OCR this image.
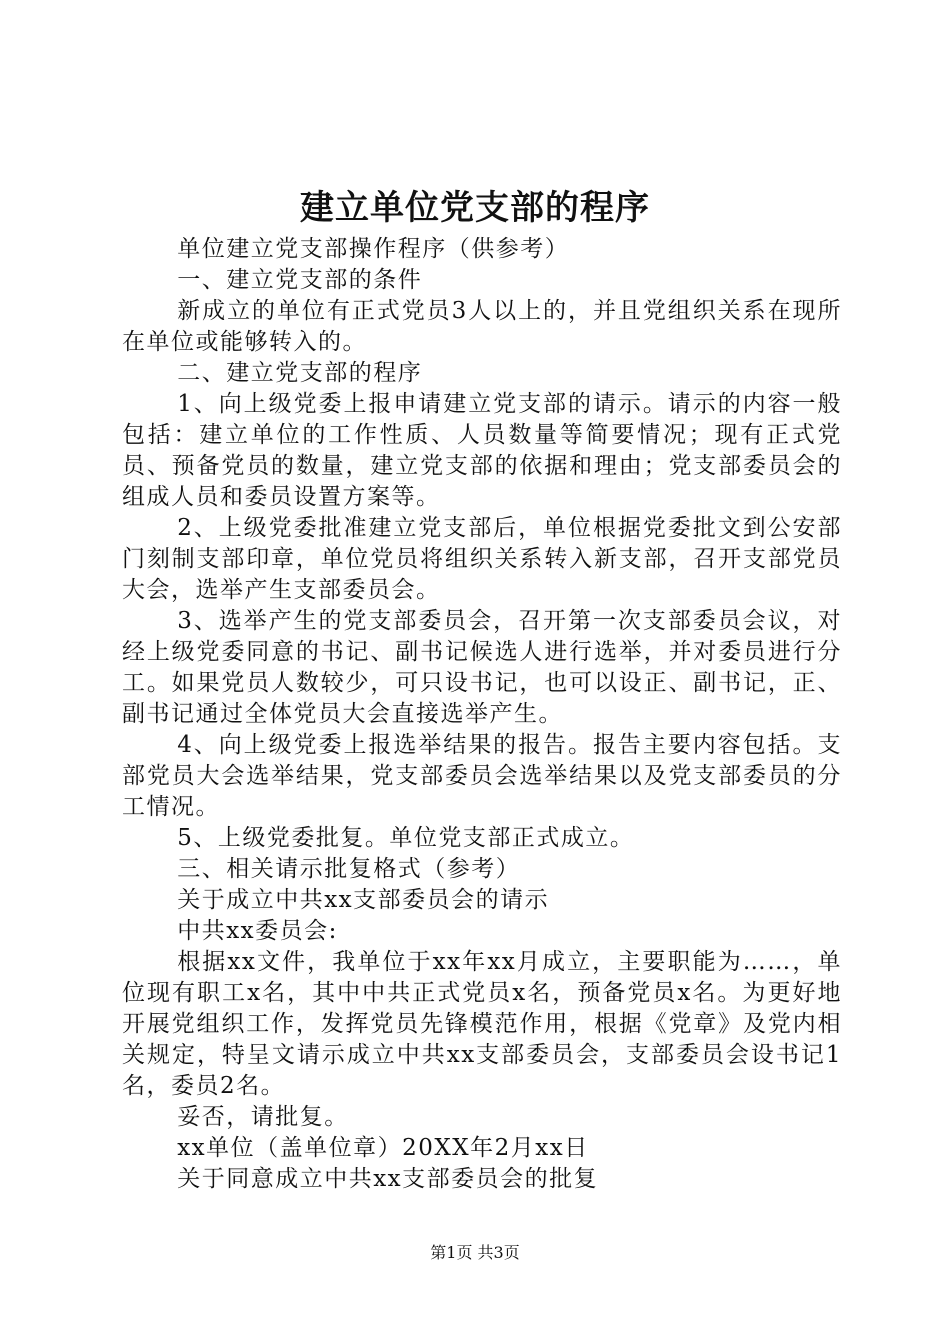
建立单位党支部的程序

单位建立党支部操作程序（供参考）

一、建立党支部的条件

新成立的单位有正式党员3人以上的，并且党组织关系在现所在单位或能够转入的。

二、建立党支部的程序

1、向上级党委上报申请建立党支部的请示。请示的内容一般包括：建立单位的工作性质、人员数量等简要情况；现有正式党员、预备党员的数量，建立党支部的依据和理由；党支部委员会的组成人员和委员设置方案等。

2、上级党委批准建立党支部后，单位根据党委批文到公安部门刻制支部印章，单位党员将组织关系转入新支部，召开支部党员大会，选举产生支部委员会。

3、选举产生的党支部委员会，召开第一次支部委员会议，对经上级党委同意的书记、副书记候选人进行选举，并对委员进行分工。如果党员人数较少，可只设书记，也可以设正、副书记，正、副书记通过全体党员大会直接选举产生。

4、向上级党委上报选举结果的报告。报告主要内容包括。支部党员大会选举结果，党支部委员会选举结果以及党支部委员的分工情况。

5、上级党委批复。单位党支部正式成立。

三、相关请示批复格式（参考）

关于成立中共xx支部委员会的请示

中共xx委员会:

根据xx文件，我单位于xx年xx月成立，主要职能为……，单位现有职工x名，其中中共正式党员x名，预备党员x名。为更好地开展党组织工作，发挥党员先锋模范作用，根据《党章》及党内相关规定，特呈文请示成立中共xx支部委员会，支部委员会设书记1名，委员2名。

妥否，请批复。

xx单位（盖单位章）20XX年2月xx日

关于同意成立中共xx支部委员会的批复

第1页 共3页
